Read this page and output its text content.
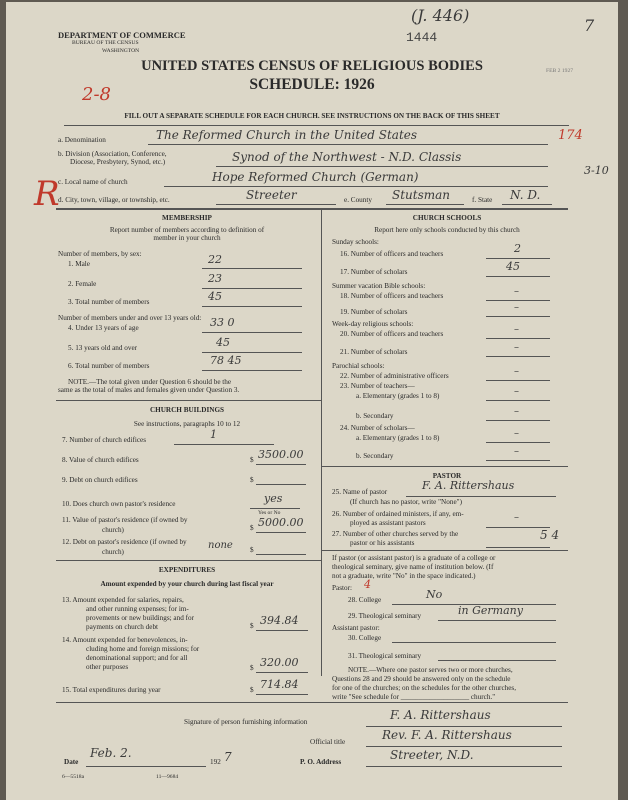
(J. 446)
7
1444
FEB 2 1927
DEPARTMENT OF COMMERCE
BUREAU OF THE CENSUS
WASHINGTON
UNITED STATES CENSUS OF RELIGIOUS BODIES
SCHEDULE: 1926
2-8
FILL OUT A SEPARATE SCHEDULE FOR EACH CHURCH. SEE INSTRUCTIONS ON THE BACK OF THIS SHEET
a. Denomination	The Reformed Church in the United States	174
b. Division (Association, Conference,
Diocese, Presbytery, Synod, etc.)	Synod of the Northwest - N.D. Classis
3-10
c. Local name of church	Hope Reformed Church (German)
R
d. City, town, village, or township, etc.	Streeter	e. County Stutsman	f. State N. D.
MEMBERSHIP
Report number of members according to definition of
member in your church
Number of members, by sex:
1. Male	22
2. Female	23
3. Total number of members	45
Number of members under and over 13 years old:
4. Under 13 years of age	33 0
5. 13 years old and over	45
6. Total number of members	78 45
NOTE.—The total given under Question 6 should be the
same as the total of males and females given under Question 3.
CHURCH BUILDINGS
See instructions, paragraphs 10 to 12
7. Number of church edifices	1
8. Value of church edifices	$ 3500.00
9. Debt on church edifices	$
10. Does church own pastor's residence	yes
Yes or No
11. Value of pastor's residence (if owned by
church)	$ 5000.00
12. Debt on pastor's residence (if owned by
church)	$
none
EXPENDITURES
Amount expended by your church during last fiscal year
13. Amount expended for salaries, repairs,
and other running expenses; for im-
provements or new buildings; and for
payments on church debt	$ 394.84
14. Amount expended for benevolences, in-
cluding home and foreign missions; for
denominational support; and for all
other purposes	$ 320.00
15. Total expenditures during year	$ 714.84
CHURCH SCHOOLS
Report here only schools conducted by this church
Sunday schools:
16. Number of officers and teachers	2
17. Number of scholars	45
Summer vacation Bible schools:
18. Number of officers and teachers	–
19. Number of scholars	–
Week-day religious schools:
20. Number of officers and teachers	–
21. Number of scholars	–
Parochial schools:
22. Number of administrative officers	–
23. Number of teachers—
a. Elementary (grades 1 to 8)	–
b. Secondary	–
24. Number of scholars—
a. Elementary (grades 1 to 8)	–
b. Secondary	–
PASTOR
25. Name of pastor	F. A. Rittershaus
(If church has no pastor, write "None")
26. Number of ordained ministers, if any, em-
ployed as assistant pastors	–
27. Number of other churches served by the
pastor or his assistants
5 4
If pastor (or assistant pastor) is a graduate of a college or
theological seminary, give name of institution below. (If
not a graduate, write "No" in the space indicated.)
Pastor: 4
28. College	No
29. Theological seminary	in Germany
Assistant pastor:
30. College
31. Theological seminary
NOTE.—Where one pastor serves two or more churches,
Questions 28 and 29 should be answered only on the schedule
for one of the churches; on the schedules for the other churches,
write "See schedule for ___________________ church."
Signature of person furnishing information	F. A. Rittershaus
Official title	Rev. F. A. Rittershaus
Date
Feb. 2.
192 7	P. O. Address	Streeter, N.D.
6—5518a	11—9684
